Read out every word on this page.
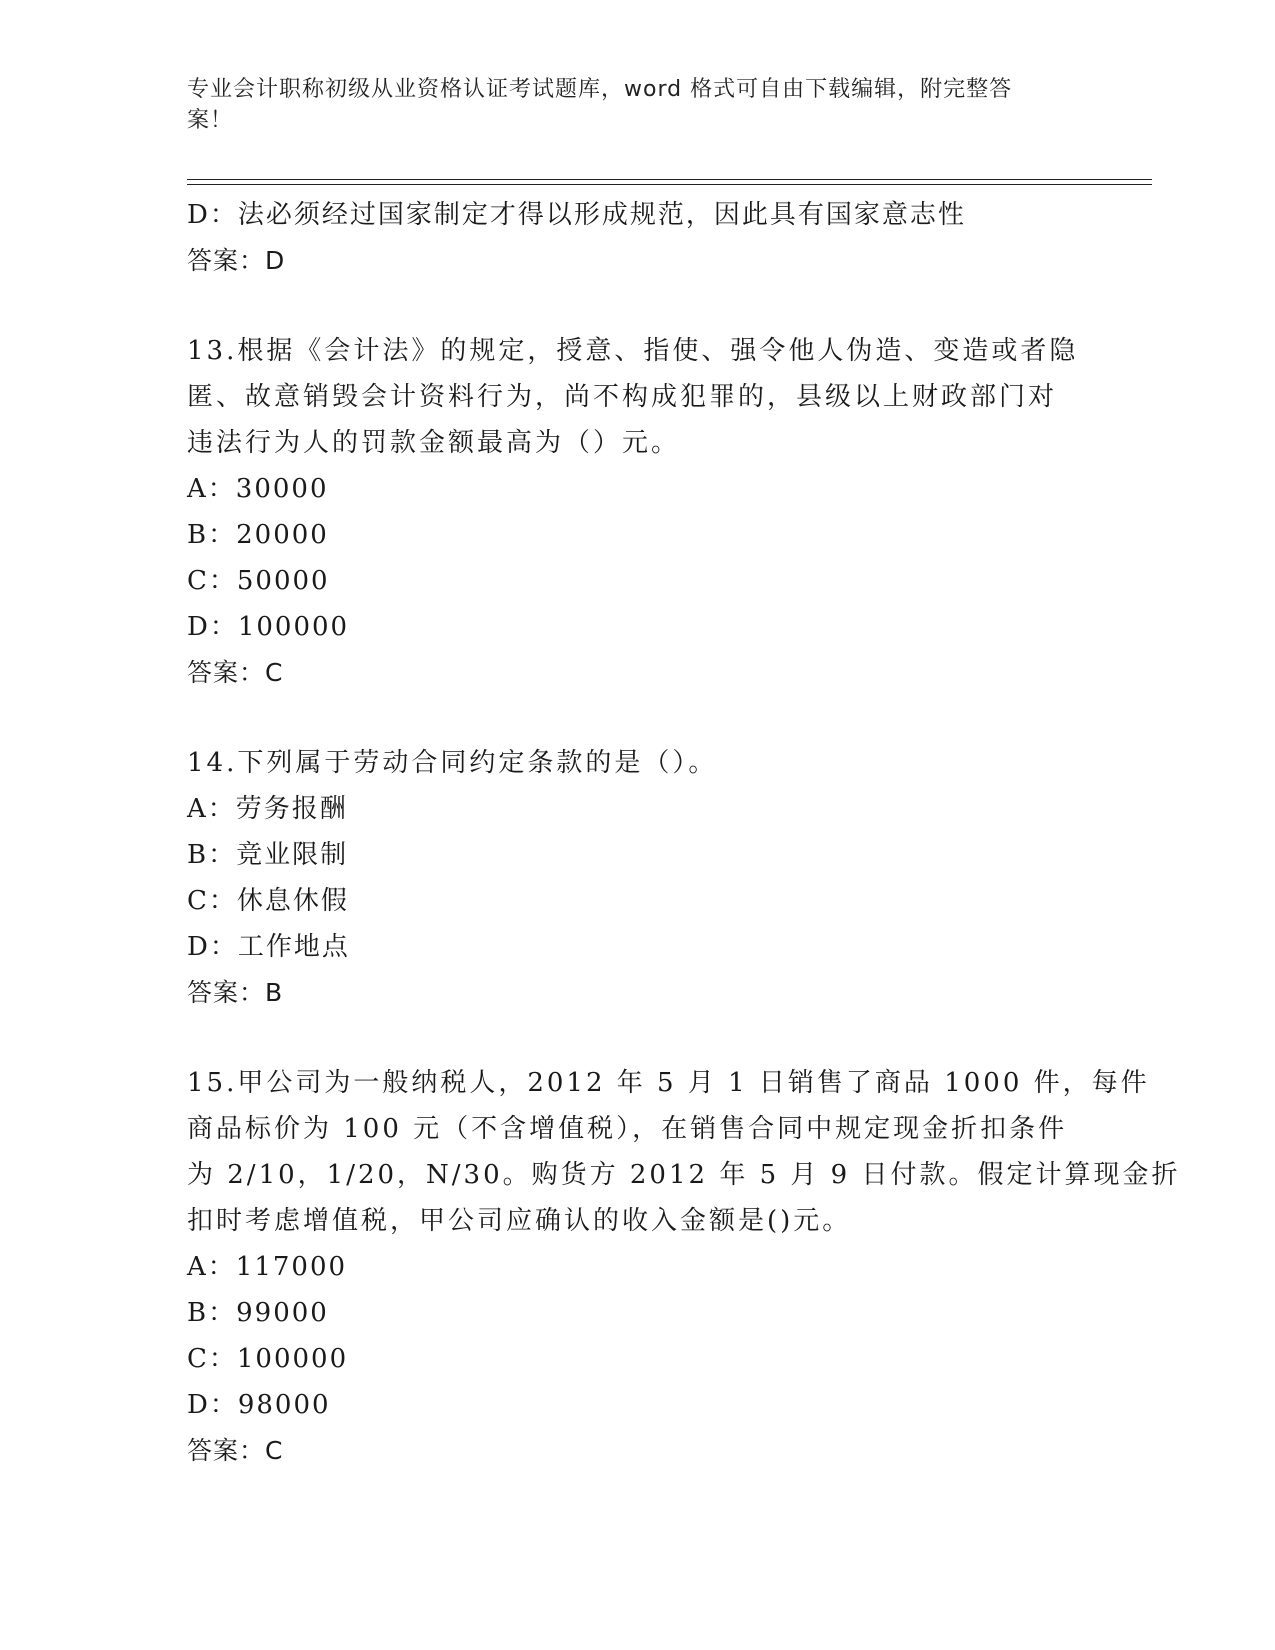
专业会计职称初级从业资格认证考试题库，word 格式可自由下载编辑，附完整答
案！
D：法必须经过国家制定才得以形成规范，因此具有国家意志性
答案：D
13.根据《会计法》的规定，授意、指使、强令他人伪造、变造或者隐
匿、故意销毁会计资料行为，尚不构成犯罪的，县级以上财政部门对
违法行为人的罚款金额最高为（）元。
A：30000
B：20000
C：50000
D：100000
答案：C
14.下列属于劳动合同约定条款的是（）。
A：劳务报酬
B：竞业限制
C：休息休假
D：工作地点
答案：B
15.甲公司为一般纳税人，2012 年 5 月 1 日销售了商品 1000 件，每件
商品标价为 100 元（不含增值税），在销售合同中规定现金折扣条件
为 2/10，1/20，N/30。购货方 2012 年 5 月 9 日付款。假定计算现金折
扣时考虑增值税，甲公司应确认的收入金额是()元。
A：117000
B：99000
C：100000
D：98000
答案：C
